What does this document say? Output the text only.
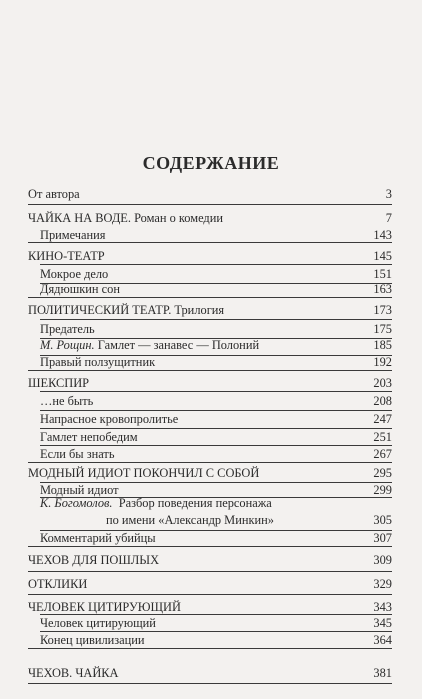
СОДЕРЖАНИЕ
От автора	3
ЧАЙКА НА ВОДЕ. Роман о комедии	7
Примечания	143
КИНО-ТЕАТР	145
Мокрое дело	151
Дядюшкин сон	163
ПОЛИТИЧЕСКИЙ ТЕАТР. Трилогия	173
Предатель	175
М. Рощин. Гамлет — занавес — Полоний	185
Правый ползущитник	192
ШЕКСПИР	203
…не быть	208
Напрасное кровопролитье	247
Гамлет непобедим	251
Если бы знать	267
МОДНЫЙ ИДИОТ ПОКОНЧИЛ С СОБОЙ	295
Модный идиот	299
К. Богомолов. Разбор поведения персонажа
по имени «Александр Минкин»	305
Комментарий убийцы	307
ЧЕХОВ ДЛЯ ПОШЛЫХ	309
ОТКЛИКИ	329
ЧЕЛОВЕК ЦИТИРУЮЩИЙ	343
Человек цитирующий	345
Конец цивилизации	364
ЧЕХОВ. ЧАЙКА	381
